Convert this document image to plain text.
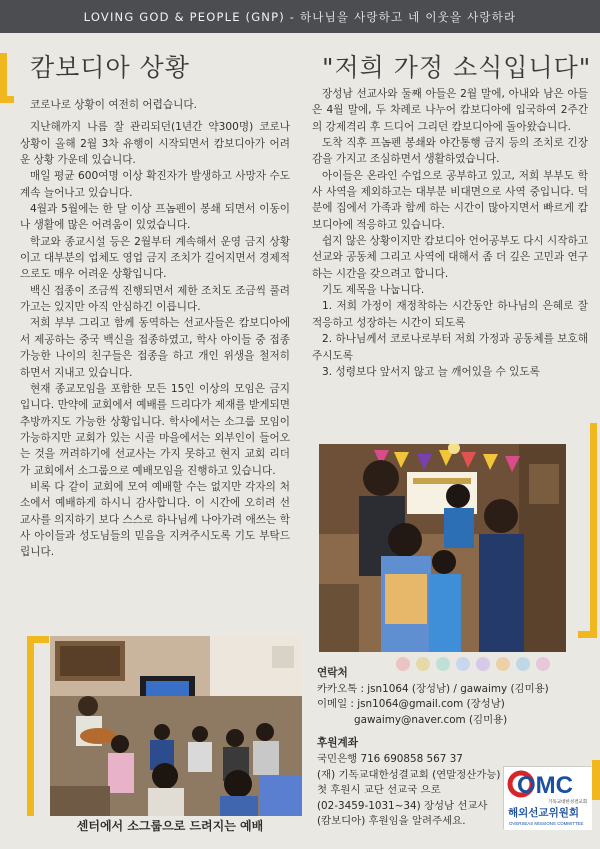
LOVING GOD & PEOPLE (GNP) - 하나님을 사랑하고 네 이웃을 사랑하라
캄보디아 상황

코로나로 상황이 여전히 어렵습니다.

지난해까지 나름 잘 관리되던(1년간 약300명) 코로나 상황이 올해 2월 3차 유행이 시작되면서 캄보디아가 어려운 상황 가운데 있습니다.

매일 평균 600여명 이상 확진자가 발생하고 사망자 수도 계속 늘어나고 있습니다.

4월과 5월에는 한 달 이상 프놈펜이 봉쇄 되면서 이동이나 생활에 많은 어려움이 있었습니다.

학교와 종교시설 등은 2월부터 계속해서 운영 금지 상황이고 대부분의 업체도 영업 금지 조치가 길어지면서 경제적으로도 매우 어려운 상황입니다.

백신 접종이 조금씩 진행되면서 제한 조치도 조금씩 풀려가고는 있지만 아직 안심하긴 이릅니다.

저희 부부 그리고 함께 동역하는 선교사들은 캄보디아에서 제공하는 중국 백신을 접종하였고, 학사 아이들 중 접종 가능한 나이의 친구들은 접종을 하고 개인 위생을 철저히 하면서 지내고 있습니다.

현재 종교모임을 포함한 모든 15인 이상의 모임은 금지입니다. 만약에 교회에서 예배를 드리다가 제재를 받게되면 추방까지도 가능한 상황입니다. 학사에서는 소그룹 모임이 가능하지만 교회가 있는 시골 마을에서는 외부인이 들어오는 것을 꺼려하기에 선교사는 가지 못하고 현지 교회 리더가 교회에서 소그룹으로 예배모임을 진행하고 있습니다.

비록 다 같이 교회에 모여 예배할 수는 없지만 각자의 처소에서 예배하게 하시니 감사합니다. 이 시간에 오히려 선교사를 의지하기 보다 스스로 하나님께 나아가려 애쓰는 학사 아이들과 성도님들의 믿음을 지켜주시도록 기도 부탁드립니다.

센터에서 소그룹으로 드려지는 예배
"저희 가정 소식입니다"

장성남 선교사와 둘째 아들은 2월 말에, 아내와 남은 아들은 4월 말에, 두 차례로 나누어 캄보디아에 입국하여 2주간의 강제격리 후 드디어 그리던 캄보디아에 돌아왔습니다.

도착 직후 프놈펜 봉쇄와 야간통행 금지 등의 조치로 긴장감을 가지고 조심하면서 생활하였습니다.

아이들은 온라인 수업으로 공부하고 있고, 저희 부부도 학사 사역을 제외하고는 대부분 비대면으로 사역 중입니다. 덕분에 집에서 가족과 함께 하는 시간이 많아지면서 빠르게 캄보디아에 적응하고 있습니다.

쉽지 않은 상황이지만 캄보디아 언어공부도 다시 시작하고 선교와 공동체 그리고 사역에 대해서 좀 더 깊은 고민과 연구하는 시간을 갖으려고 합니다.

기도 제목을 나눕니다.

1. 저희 가정이 재정착하는 시간동안 하나님의 은혜로 잘 적응하고 성장하는 시간이 되도록

2. 하나님께서 코로나로부터 저희 가정과 공동체를 보호해 주시도록

3. 성령보다 앞서지 않고 늘 깨어있을 수 있도록

연락처
카카오톡 : jsn1064 (장성남) / gawaimy (김미용)
이메일 : jsn1064@gmail.com (장성남)
gawaimy@naver.com (김미용)
후원계좌
국민은행 716 690858 567 37
(재) 기독교대한성결교회 (연말정산가능)
첫 후원시 교단 선교국 으로
(02-3459-1031~34) 장성남 선교사
(캄보디아) 후원임을 알려주세요.
OMC
기독교대한성결교회
해외선교위원회
OVERSEAS MISSIONS COMMITTEE
